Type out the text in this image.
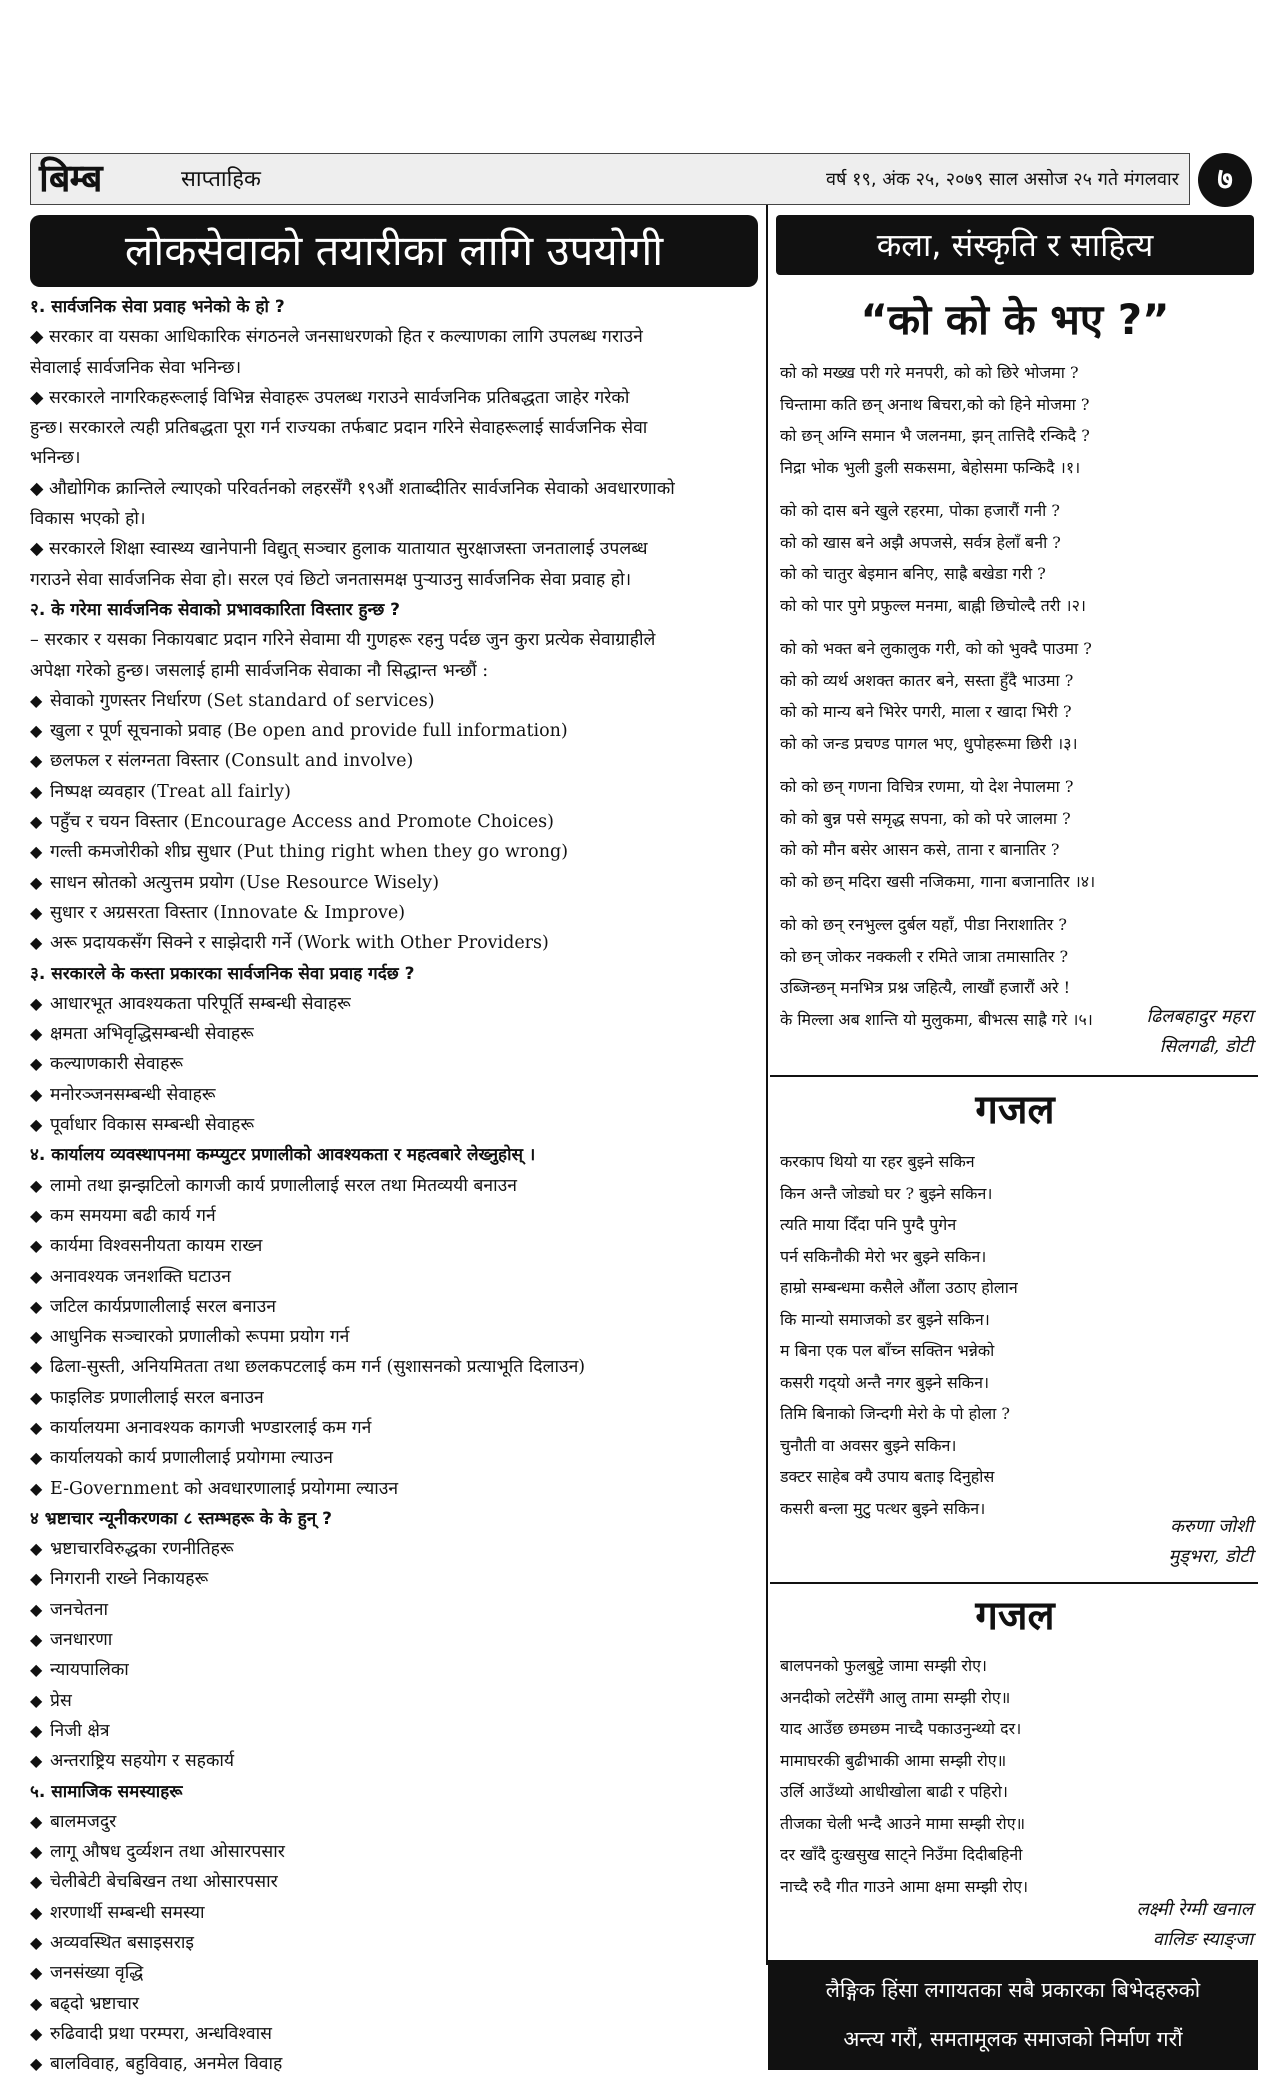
बिम्ब	साप्ताहिक	वर्ष १९, अंक २५, २०७९ साल असोज २५ गते मंगलवार	७
लोकसेवाको तयारीका लागि उपयोगी
१. सार्वजनिक सेवा प्रवाह भनेको के हो ?
◆ सरकार वा यसका आधिकारिक संगठनले जनसाधरणको हित र कल्याणका लागि उपलब्ध गराउने
सेवालाई सार्वजनिक सेवा भनिन्छ।
◆ सरकारले नागरिकहरूलाई विभिन्न सेवाहरू उपलब्ध गराउने सार्वजनिक प्रतिबद्धता जाहेर गरेको
हुन्छ। सरकारले त्यही प्रतिबद्धता पूरा गर्न राज्यका तर्फबाट प्रदान गरिने सेवाहरूलाई सार्वजनिक सेवा
भनिन्छ।
◆ औद्योगिक क्रान्तिले ल्याएको परिवर्तनको लहरसँगै १९औं शताब्दीतिर सार्वजनिक सेवाको अवधारणाको
विकास भएको हो।
◆ सरकारले शिक्षा स्वास्थ्य खानेपानी विद्युत् सञ्चार हुलाक यातायात सुरक्षाजस्ता जनतालाई उपलब्ध
गराउने सेवा सार्वजनिक सेवा हो। सरल एवं छिटो जनतासमक्ष पुर्‍याउनु सार्वजनिक सेवा प्रवाह हो।
२. के गरेमा सार्वजनिक सेवाको प्रभावकारिता विस्तार हुन्छ ?
– सरकार र यसका निकायबाट प्रदान गरिने सेवामा यी गुणहरू रहनु पर्दछ जुन कुरा प्रत्येक सेवाग्राहीले
अपेक्षा गरेको हुन्छ। जसलाई हामी सार्वजनिक सेवाका नौ सिद्धान्त भन्छौं :
◆ सेवाको गुणस्तर निर्धारण (Set standard of services)
◆ खुला र पूर्ण सूचनाको प्रवाह (Be open and provide full information)
◆ छलफल र संलग्नता विस्तार (Consult and involve)
◆ निष्पक्ष व्यवहार (Treat all fairly)
◆ पहुँच र चयन विस्तार (Encourage Access and Promote Choices)
◆ गल्ती कमजोरीको शीघ्र सुधार (Put thing right when they go wrong)
◆ साधन स्रोतको अत्युत्तम प्रयोग (Use Resource Wisely)
◆ सुधार र अग्रसरता विस्तार (Innovate & Improve)
◆ अरू प्रदायकसँग सिक्ने र साझेदारी गर्ने (Work with Other Providers)
३. सरकारले के कस्ता प्रकारका सार्वजनिक सेवा प्रवाह गर्दछ ?
◆ आधारभूत आवश्यकता परिपूर्ति सम्बन्धी सेवाहरू
◆ क्षमता अभिवृद्धिसम्बन्धी सेवाहरू
◆ कल्याणकारी सेवाहरू
◆ मनोरञ्जनसम्बन्धी सेवाहरू
◆ पूर्वाधार विकास सम्बन्धी सेवाहरू
४. कार्यालय व्यवस्थापनमा कम्प्युटर प्रणालीको आवश्यकता र महत्वबारे लेख्नुहोस् ।
◆ लामो तथा झन्झटिलो कागजी कार्य प्रणालीलाई सरल तथा मितव्ययी बनाउन
◆ कम समयमा बढी कार्य गर्न
◆ कार्यमा विश्वसनीयता कायम राख्न
◆ अनावश्यक जनशक्ति घटाउन
◆ जटिल कार्यप्रणालीलाई सरल बनाउन
◆ आधुनिक सञ्चारको प्रणालीको रूपमा प्रयोग गर्न
◆ ढिला-सुस्ती, अनियमितता तथा छलकपटलाई कम गर्न (सुशासनको प्रत्याभूति दिलाउन)
◆ फाइलिङ प्रणालीलाई सरल बनाउन
◆ कार्यालयमा अनावश्यक कागजी भण्डारलाई कम गर्न
◆ कार्यालयको कार्य प्रणालीलाई प्रयोगमा ल्याउन
◆ E-Government को अवधारणालाई प्रयोगमा ल्याउन
४ भ्रष्टाचार न्यूनीकरणका ८ स्तम्भहरू के के हुन् ?
◆ भ्रष्टाचारविरुद्धका रणनीतिहरू
◆ निगरानी राख्ने निकायहरू
◆ जनचेतना
◆ जनधारणा
◆ न्यायपालिका
◆ प्रेस
◆ निजी क्षेत्र
◆ अन्तराष्ट्रिय सहयोग र सहकार्य
५. सामाजिक समस्याहरू
◆ बालमजदुर
◆ लागू औषध दुर्व्यशन तथा ओसारपसार
◆ चेलीबेटी बेचबिखन तथा ओसारपसार
◆ शरणार्थी सम्बन्धी समस्या
◆ अव्यवस्थित बसाइसराइ
◆ जनसंख्या वृद्धि
◆ बढ्दो भ्रष्टाचार
◆ रुढिवादी प्रथा परम्परा, अन्धविश्वास
◆ बालविवाह, बहुविवाह, अनमेल विवाह
कला, संस्कृति र साहित्य
“को को के भए ?”
को को मख्ख परी गरे मनपरी, को को छिरे भोजमा ?
चिन्तामा कति छन् अनाथ बिचरा,को को हिने मोजमा ?
को छन् अग्नि समान भै जलनमा, झन् तात्तिदै रन्किदै ?
निद्रा भोक भुली डुली सकसमा, बेहोसमा फन्किदै ।१।
को को दास बने खुले रहरमा, पोका हजारौं गनी ?
को को खास बने अझै अपजसे, सर्वत्र हेलाँ बनी ?
को को चातुर बेइमान बनिए, साह्रै बखेडा गरी ?
को को पार पुगे प्रफुल्ल मनमा, बाह्नी छिचोल्दै तरी ।२।
को को भक्त बने लुकालुक गरी, को को भुक्दै पाउमा ?
को को व्यर्थ अशक्त कातर बने, सस्ता हुँदै भाउमा ?
को को मान्य बने भिरेर पगरी, माला र खादा भिरी ?
को को जन्ड प्रचण्ड पागल भए, धुपोहरूमा छिरी ।३।
को को छन् गणना विचित्र रणमा, यो देश नेपालमा ?
को को बुन्न पसे समृद्ध सपना, को को परे जालमा ?
को को मौन बसेर आसन कसे, ताना र बानातिर ?
को को छन् मदिरा खसी नजिकमा, गाना बजानातिर ।४।
को को छन् रनभुल्ल दुर्बल यहाँ, पीडा निराशातिर ?
को छन् जोकर नक्कली र रमिते जात्रा तमासातिर ?
उब्जिन्छन् मनभित्र प्रश्न जहित्यै, लाखौं हजारौं अरे !
के मिल्ला अब शान्ति यो मुलुकमा, बीभत्स साह्रै गरे ।५।	ढिलबहादुर महरा
सिलगढी, डोटी
गजल
करकाप थियो या रहर बुझ्ने सकिन
किन अन्तै जोड्यो घर ? बुझ्ने सकिन।
त्यति माया दिँदा पनि पुग्दै पुगेन
पर्न सकिनौकी मेरो भर बुझ्ने सकिन।
हाम्रो सम्बन्धमा कसैले औंला उठाए होलान
कि मान्यो समाजको डर बुझ्ने सकिन।
म बिना एक पल बाँच्न सक्तिन भन्नेको
कसरी गद्‍यो अन्तै नगर बुझ्ने सकिन।
तिमि बिनाको जिन्दगी मेरो के पो होला ?
चुनौती वा अवसर बुझ्ने सकिन।
डक्टर साहेब क्यै उपाय बताइ दिनुहोस
कसरी बन्ला मुटु पत्थर बुझ्ने सकिन।
करुणा जोशी
मुड्भरा, डोटी
गजल
बालपनको फुलबुट्टे जामा सम्झी रोए।
अनदीको लटेसँगै आलु तामा सम्झी रोए॥
याद आउँछ छमछम नाच्दै पकाउनुन्थ्यो दर।
मामाघरकी बुढीभाकी आमा सम्झी रोए॥
उर्लि आउँथ्यो आधीखोला बाढी र पहिरो।
तीजका चेली भन्दै आउने मामा सम्झी रोए॥
दर खाँदै दुःखसुख साट्ने निउँमा दिदीबहिनी
नाच्दै रुदै गीत गाउने आमा क्षमा सम्झी रोए।
लक्ष्मी रेग्मी खनाल
वालिङ स्याङ्जा
लैङ्गिक हिंसा लगायतका सबै प्रकारका बिभेदहरुको
अन्त्य गरौं, समतामूलक समाजको निर्माण गरौं
